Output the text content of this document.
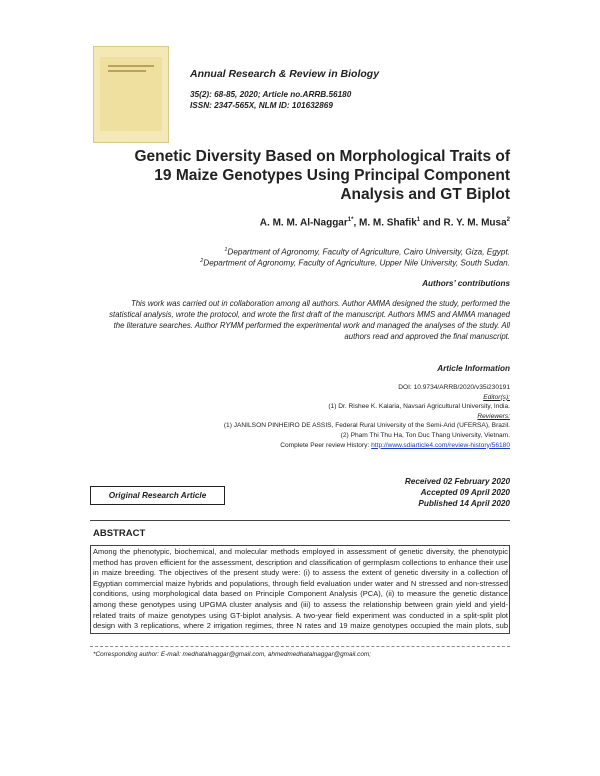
Annual Research & Review in Biology
35(2): 68-85, 2020; Article no.ARRB.56180
ISSN: 2347-565X, NLM ID: 101632869
Genetic Diversity Based on Morphological Traits of
19 Maize Genotypes Using Principal Component
Analysis and GT Biplot
A. M. M. Al-Naggar$^{1*}$, M. M. Shafik$^1$ and R. Y. M. Musa$^2$
$^1$Department of Agronomy, Faculty of Agriculture, Cairo University, Giza, Egypt.
$^2$Department of Agronomy, Faculty of Agriculture, Upper Nile University, South Sudan.
Authors’ contributions
This work was carried out in collaboration among all authors. Author AMMA designed the study, performed the statistical analysis, wrote the protocol, and wrote the first draft of the manuscript. Authors MMS and AMMA managed the literature searches. Author RYMM performed the experimental work and managed the analyses of the study. All authors read and approved the final manuscript.
Article Information
DOI: 10.9734/ARRB/2020/v35i230191
Editor(s):
(1) Dr. Rishee K. Kalaria, Navsari Agricultural University, India.
Reviewers:
(1) JANILSON PINHEIRO DE ASSIS, Federal Rural University of the Semi-Arid (UFERSA), Brazil.
(2) Pham Thi Thu Ha, Ton Duc Thang University, Vietnam.
Complete Peer review History: http://www.sdiarticle4.com/review-history/56180
Original Research Article
Received 02 February 2020
Accepted 09 April 2020
Published 14 April 2020
ABSTRACT
Among the phenotypic, biochemical, and molecular methods employed in assessment of genetic diversity, the phenotypic method has proven efficient for the assessment, description and classification of germplasm collections to enhance their use in maize breeding. The objectives of the present study were: (i) to assess the extent of genetic diversity in a collection of Egyptian commercial maize hybrids and populations, through field evaluation under water and N stressed and non-stressed conditions, using morphological data based on Principle Component Analysis (PCA), (ii) to measure the genetic distance among these genotypes using UPGMA cluster analysis and (iii) to assess the relationship between grain yield and yield-related traits of maize genotypes using GT-biplot analysis. A two-year field experiment was conducted in a split-split plot design with 3 replications, where 2 irrigation regimes, three N rates and 19 maize genotypes occupied the main plots, sub
*Corresponding author: E-mail: medhatalnaggar@gmail.com, ahmedmedhatalnaggar@gmail.com;
